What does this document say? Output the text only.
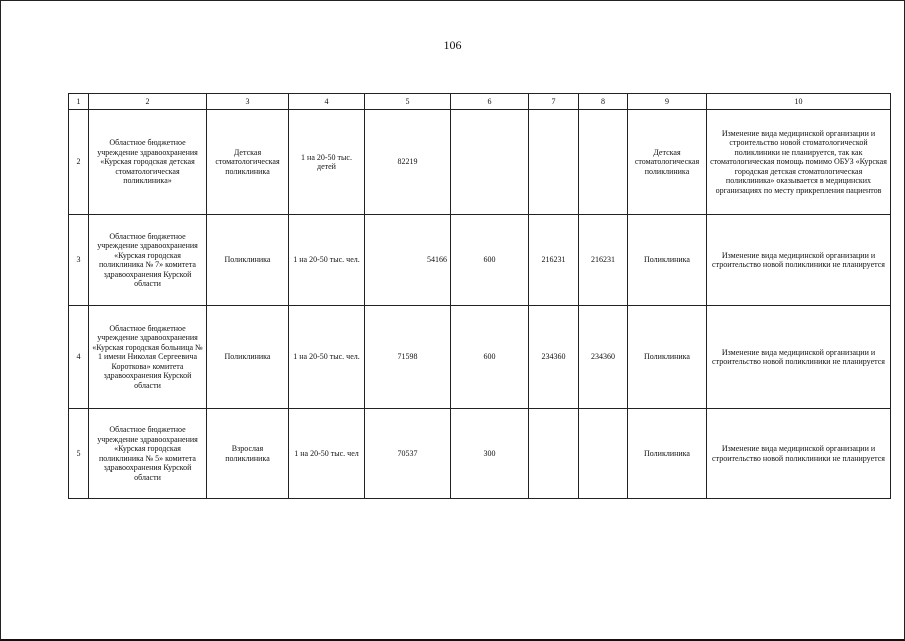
106
1	2	3	4	5	6	7	8	9	10
2	Областное бюджетное учреждение здравоохранения «Курская городская детская стоматологическая поликлиника»	Детская стоматологическая поликлиника	1 на 20-50 тыс. детей	82219				Детская стоматологическая поликлиника	Изменение вида медицинской организации и строительство новой стоматологической поликлиники не планируется, так как стоматологическая помощь помимо ОБУЗ «Курская городская детская стоматологическая поликлиника» оказывается в медицинских организациях по месту прикрепления пациентов
3	Областное бюджетное учреждение здравоохранения «Курская городская поликлиника № 7» комитета здравоохранения Курской области	Поликлиника	1 на 20-50 тыс. чел.	54166	600	216231	216231	Поликлиника	Изменение вида медицинской организации и строительство новой поликлиники не планируется
4	Областное бюджетное учреждение здравоохранения «Курская городская больница № 1 имени Николая Сергеевича Короткова» комитета здравоохранения Курской области	Поликлиника	1 на 20-50 тыс. чел.	71598	600	234360	234360	Поликлиника	Изменение вида медицинской организации и строительство новой поликлиники не планируется
5	Областное бюджетное учреждение здравоохранения «Курская городская поликлиника № 5» комитета здравоохранения Курской области	Взрослая поликлиника	1 на 20-50 тыс. чел	70537	300			Поликлиника	Изменение вида медицинской организации и строительство новой поликлиники не планируется
